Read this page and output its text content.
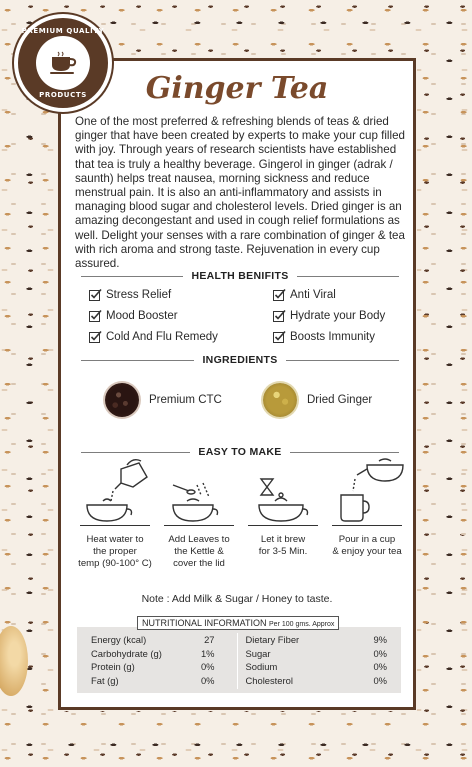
PREMIUM QUALITY
PRODUCTS	Ginger Tea

One of the most preferred & refreshing blends of teas & dried ginger that have been created by experts to make your cup filled with joy. Through years of research scientists have established that tea is truly a healthy beverage. Gingerol in ginger (adrak / saunth) helps treat nausea, morning sickness and reduce menstrual pain. It is also an anti-inflammatory and assists in managing blood sugar and cholesterol levels. Dried ginger is an amazing decongestant and used in cough relief formulations as well. Delight your senses with a rare combination of ginger & tea with rich aroma and strong taste. Rejuvenation in every cup assured.

HEALTH BENIFITS
Stress Relief	Anti Viral
Mood Booster	Hydrate your Body
Cold And Flu Remedy	Boosts Immunity
INGREDIENTS
Premium CTC	Dried Ginger
EASY TO MAKE
Heat water to
the proper
temp (90-100° C)
Add Leaves to
the Kettle &
cover the lid
Let it brew
for 3-5 Min.
Pour in a cup
& enjoy your tea
Note : Add Milk & Sugar / Honey to taste.
NUTRITIONAL INFORMATION Per 100 gms. Approx
Energy (kcal)	27
Carbohydrate (g)	1%
Protein (g)	0%
Fat (g)	0%
Dietary Fiber	9%
Sugar	0%
Sodium	0%
Cholesterol	0%
